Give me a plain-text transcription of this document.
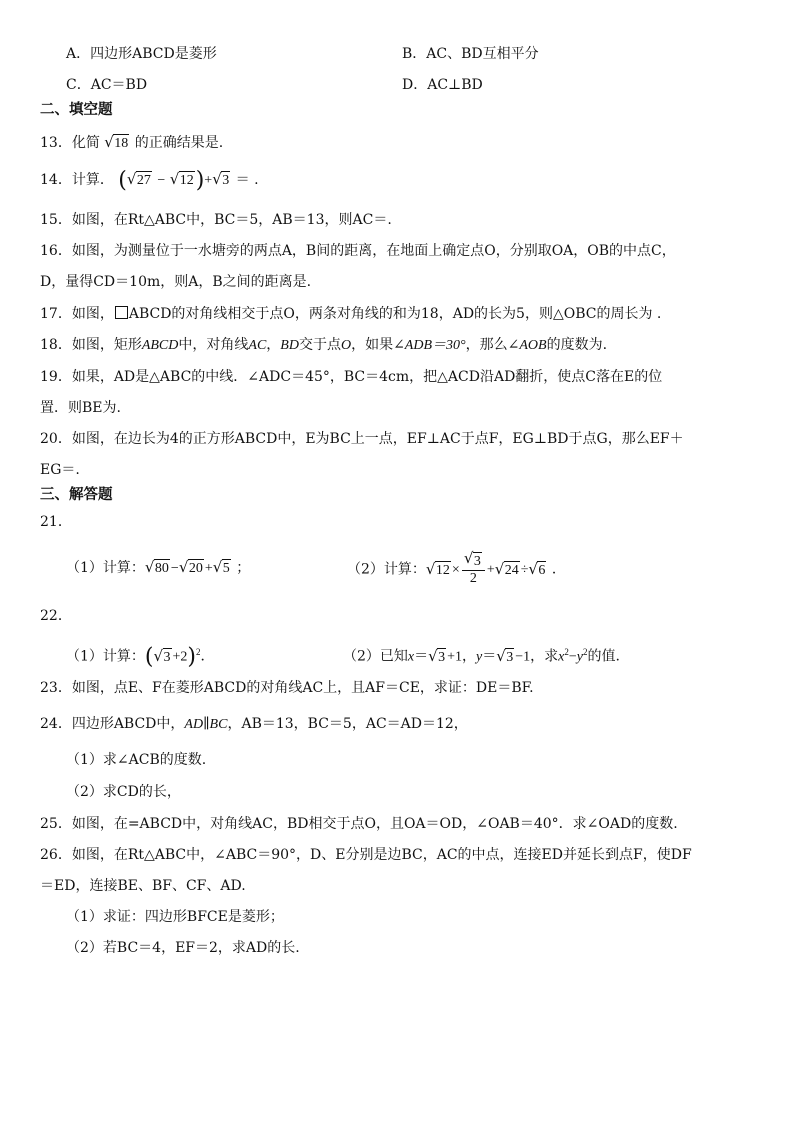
A．四边形ABCD是菱形	B．AC、BD互相平分
C．AC＝BD	D．AC⊥BD
二、填空题
13．化简 √ 18 的正确结果是.
14．计算． ( √ 27 − √ 12)+ √ 3 ＝ .
15．如图，在Rt△ABC中，BC＝5，AB＝13，则AC＝.
16．如图，为测量位于一水塘旁的两点A，B间的距离，在地面上确定点O，分别取OA，OB的中点C，
D，量得CD＝10m，则A，B之间的距离是.
17．如图， ABCD的对角线相交于点O，两条对角线的和为18，AD的长为5，则△OBC的周长为 .
18．如图，矩形ABCD中，对角线AC，BD交于点O，如果∠ADB＝30°，那么∠AOB的度数为.
19．如果，AD是△ABC的中线．∠ADC＝45°，BC＝4cm，把△ACD沿AD翻折，使点C落在E的位
置．则BE为.
20．如图，在边长为4的正方形ABCD中，E为BC上一点，EF⊥AC于点F，EG⊥BD于点G，那么EF＋
EG＝.
三、解答题
21．
（1）计算： √ 80 − √ 20 + √ 5 ；	（2）计算： √ 12 × √ $\frac{3}{2}$ + √ 24 ÷ √ 6 ．
22．
（1）计算：( √ 3 +2)$^2$．	（2）已知x＝ √ 3 +1，y＝ √ 3 −1，求$x^2-y^2$的值.
23．如图，点E、F在菱形ABCD的对角线AC上，且AF＝CE，求证：DE＝BF.
24．四边形ABCD中，AD∥BC，AB＝13，BC＝5，AC＝AD＝12，
（1）求∠ACB的度数.
（2）求CD的长，
25．如图，在=ABCD中，对角线AC，BD相交于点O，且OA＝OD，∠OAB＝40°．求∠OAD的度数.
26．如图，在Rt△ABC中，∠ABC＝90°，D、E分别是边BC，AC的中点，连接ED并延长到点F，使DF
＝ED，连接BE、BF、CF、AD.
（1）求证：四边形BFCE是菱形；
（2）若BC＝4，EF＝2，求AD的长.
